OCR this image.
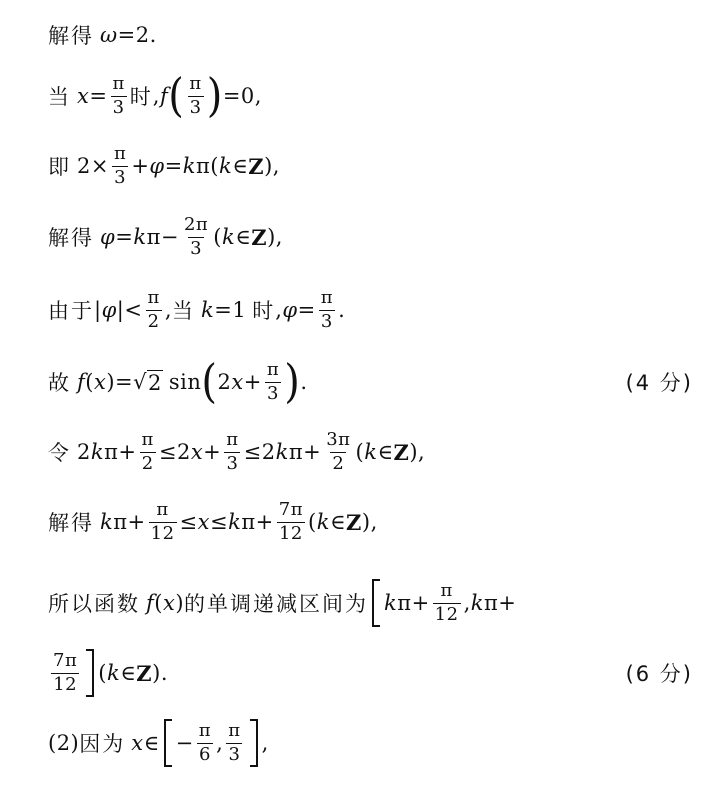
解得 ω =2.
当 $x = \frac{\pi}{3}$ 时 , f ( $\frac{\pi}{3}$ ) =0,
即 $2\times \frac{\pi}{3} + \varphi = k$ π( k ∈ Z ),
解得 φ = k $\pi- \frac{2\pi}{3}$ ( k ∈ Z ),
由于 | φ |< $\frac{\pi}{2}$ , 当 k =1 时 , $\varphi = \frac{\pi}{3}$ .
故 f ( x )= √ 2 sin ( 2 $x + \frac{\pi}{3}$ ) .	(4 分)
令 2 k $\pi+ \frac{\pi}{2} \le 2$ $x + \frac{\pi}{3} \le 2$ k $\pi+ \frac{3\pi}{2}$ ( k ∈ Z ),
解得 k $\pi+ \frac{\pi}{12} \le x \le k$ $\pi+ \frac{7\pi}{12}$ ( k ∈ Z ),
所以函数 f ( x ) 的单调递减区间为 k $\pi+ \frac{\pi}{12}$ , k π+
$\frac{7\pi}{12}$ ( k ∈ Z ).	(6 分)
(2) 因为 x ∈ − $\frac{\pi}{6}$ , $\frac{\pi}{3}$ ,
